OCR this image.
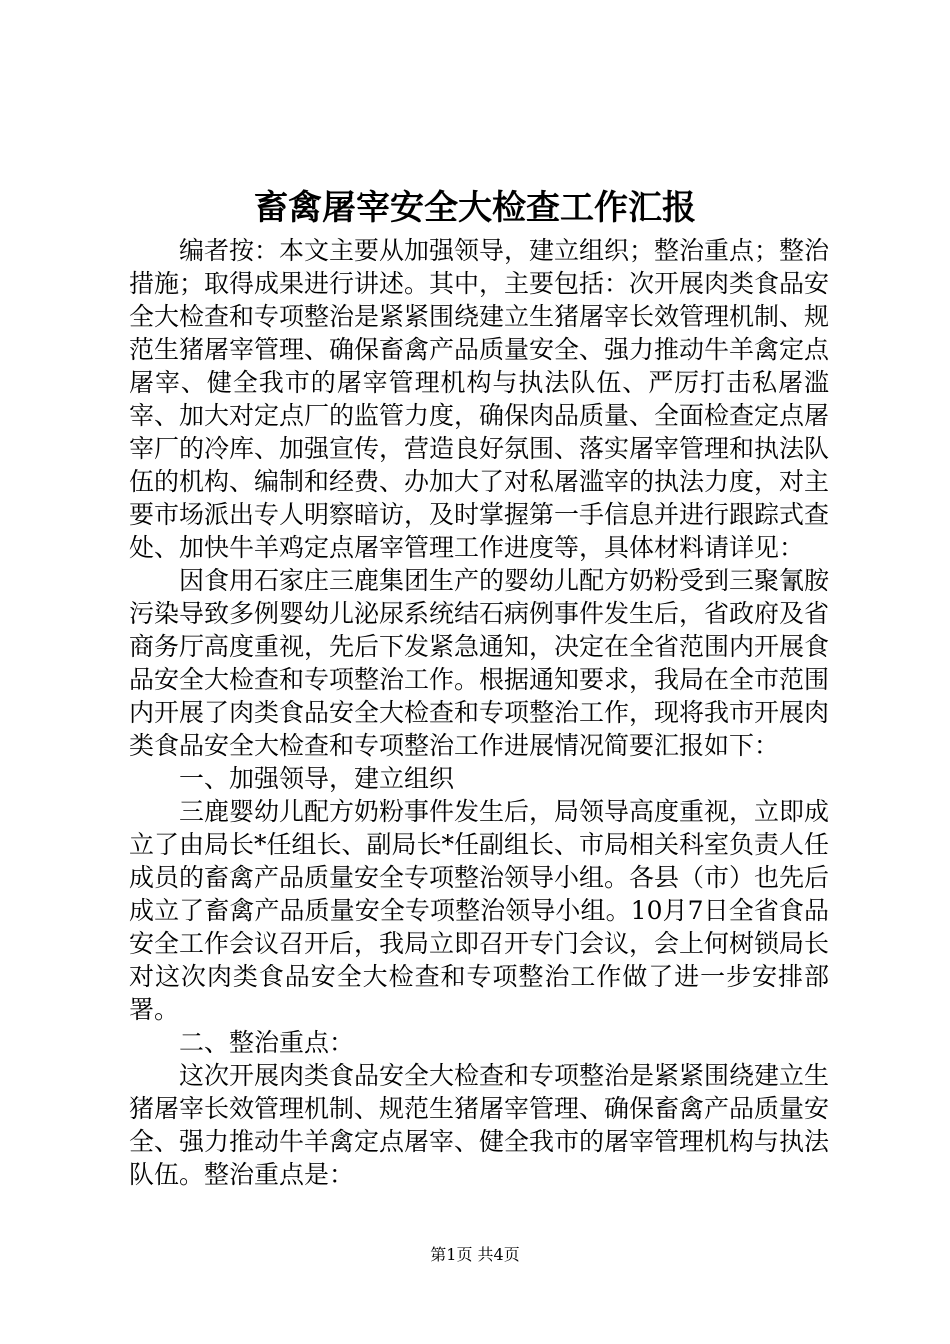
畜禽屠宰安全大检查工作汇报

编者按：本文主要从加强领导，建立组织；整治重点；整治措施；取得成果进行讲述。其中，主要包括：次开展肉类食品安全大检查和专项整治是紧紧围绕建立生猪屠宰长效管理机制、规范生猪屠宰管理、确保畜禽产品质量安全、强力推动牛羊禽定点屠宰、健全我市的屠宰管理机构与执法队伍、严厉打击私屠滥宰、加大对定点厂的监管力度，确保肉品质量、全面检查定点屠宰厂的冷库、加强宣传，营造良好氛围、落实屠宰管理和执法队伍的机构、编制和经费、办加大了对私屠滥宰的执法力度，对主要市场派出专人明察暗访，及时掌握第一手信息并进行跟踪式查处、加快牛羊鸡定点屠宰管理工作进度等，具体材料请详见：

因食用石家庄三鹿集团生产的婴幼儿配方奶粉受到三聚氰胺污染导致多例婴幼儿泌尿系统结石病例事件发生后，省政府及省商务厅高度重视，先后下发紧急通知，决定在全省范围内开展食品安全大检查和专项整治工作。根据通知要求，我局在全市范围内开展了肉类食品安全大检查和专项整治工作，现将我市开展肉类食品安全大检查和专项整治工作进展情况简要汇报如下：

一、加强领导，建立组织

三鹿婴幼儿配方奶粉事件发生后，局领导高度重视，立即成立了由局长*任组长、副局长*任副组长、市局相关科室负责人任成员的畜禽产品质量安全专项整治领导小组。各县（市）也先后成立了畜禽产品质量安全专项整治领导小组。10月7日全省食品安全工作会议召开后，我局立即召开专门会议，会上何树锁局长对这次肉类食品安全大检查和专项整治工作做了进一步安排部署。

二、整治重点：

这次开展肉类食品安全大检查和专项整治是紧紧围绕建立生猪屠宰长效管理机制、规范生猪屠宰管理、确保畜禽产品质量安全、强力推动牛羊禽定点屠宰、健全我市的屠宰管理机构与执法队伍。整治重点是：

第1页 共4页
